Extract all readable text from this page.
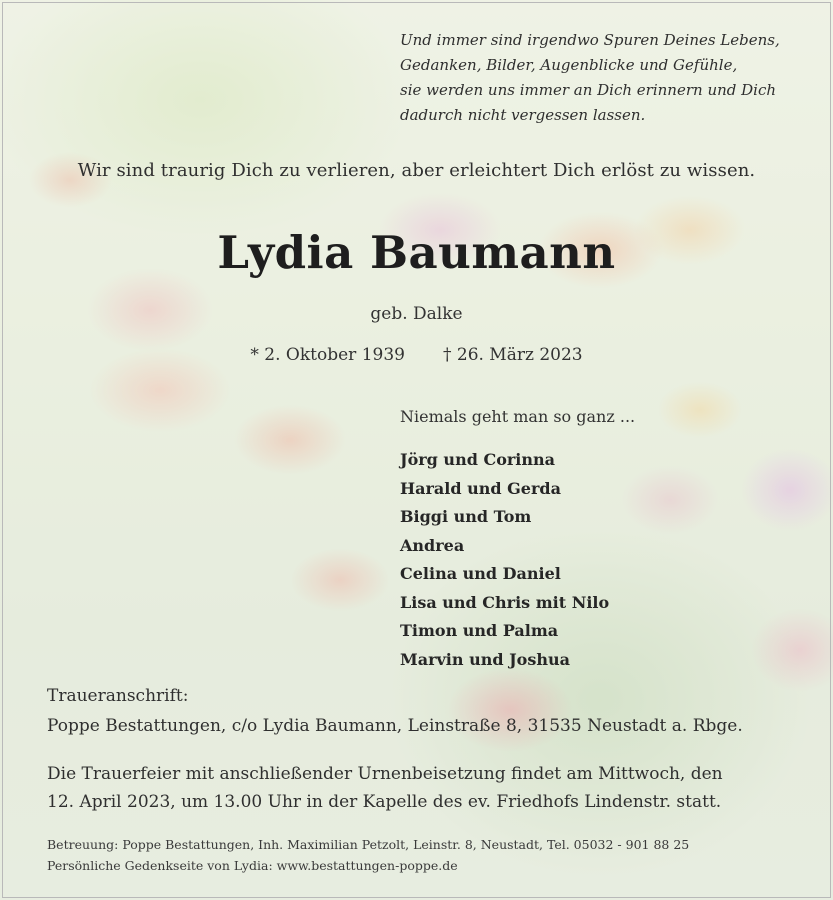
Und immer sind irgendwo Spuren Deines Lebens,
Gedanken, Bilder, Augenblicke und Gefühle,
sie werden uns immer an Dich erinnern und Dich
dadurch nicht vergessen lassen.
Wir sind traurig Dich zu verlieren, aber erleichtert Dich erlöst zu wissen.
Lydia Baumann
geb. Dalke
* 2. Oktober 1939 † 26. März 2023
Niemals geht man so ganz ...
Jörg und Corinna
Harald und Gerda
Biggi und Tom
Andrea
Celina und Daniel
Lisa und Chris mit Nilo
Timon und Palma
Marvin und Joshua
Traueranschrift:
Poppe Bestattungen, c/o Lydia Baumann, Leinstraße 8, 31535 Neustadt a. Rbge.
Die Trauerfeier mit anschließender Urnenbeisetzung findet am Mittwoch, den
12. April 2023, um 13.00 Uhr in der Kapelle des ev. Friedhofs Lindenstr. statt.
Betreuung: Poppe Bestattungen, Inh. Maximilian Petzolt, Leinstr. 8, Neustadt, Tel. 05032 - 901 88 25
Persönliche Gedenkseite von Lydia: www.bestattungen-poppe.de
